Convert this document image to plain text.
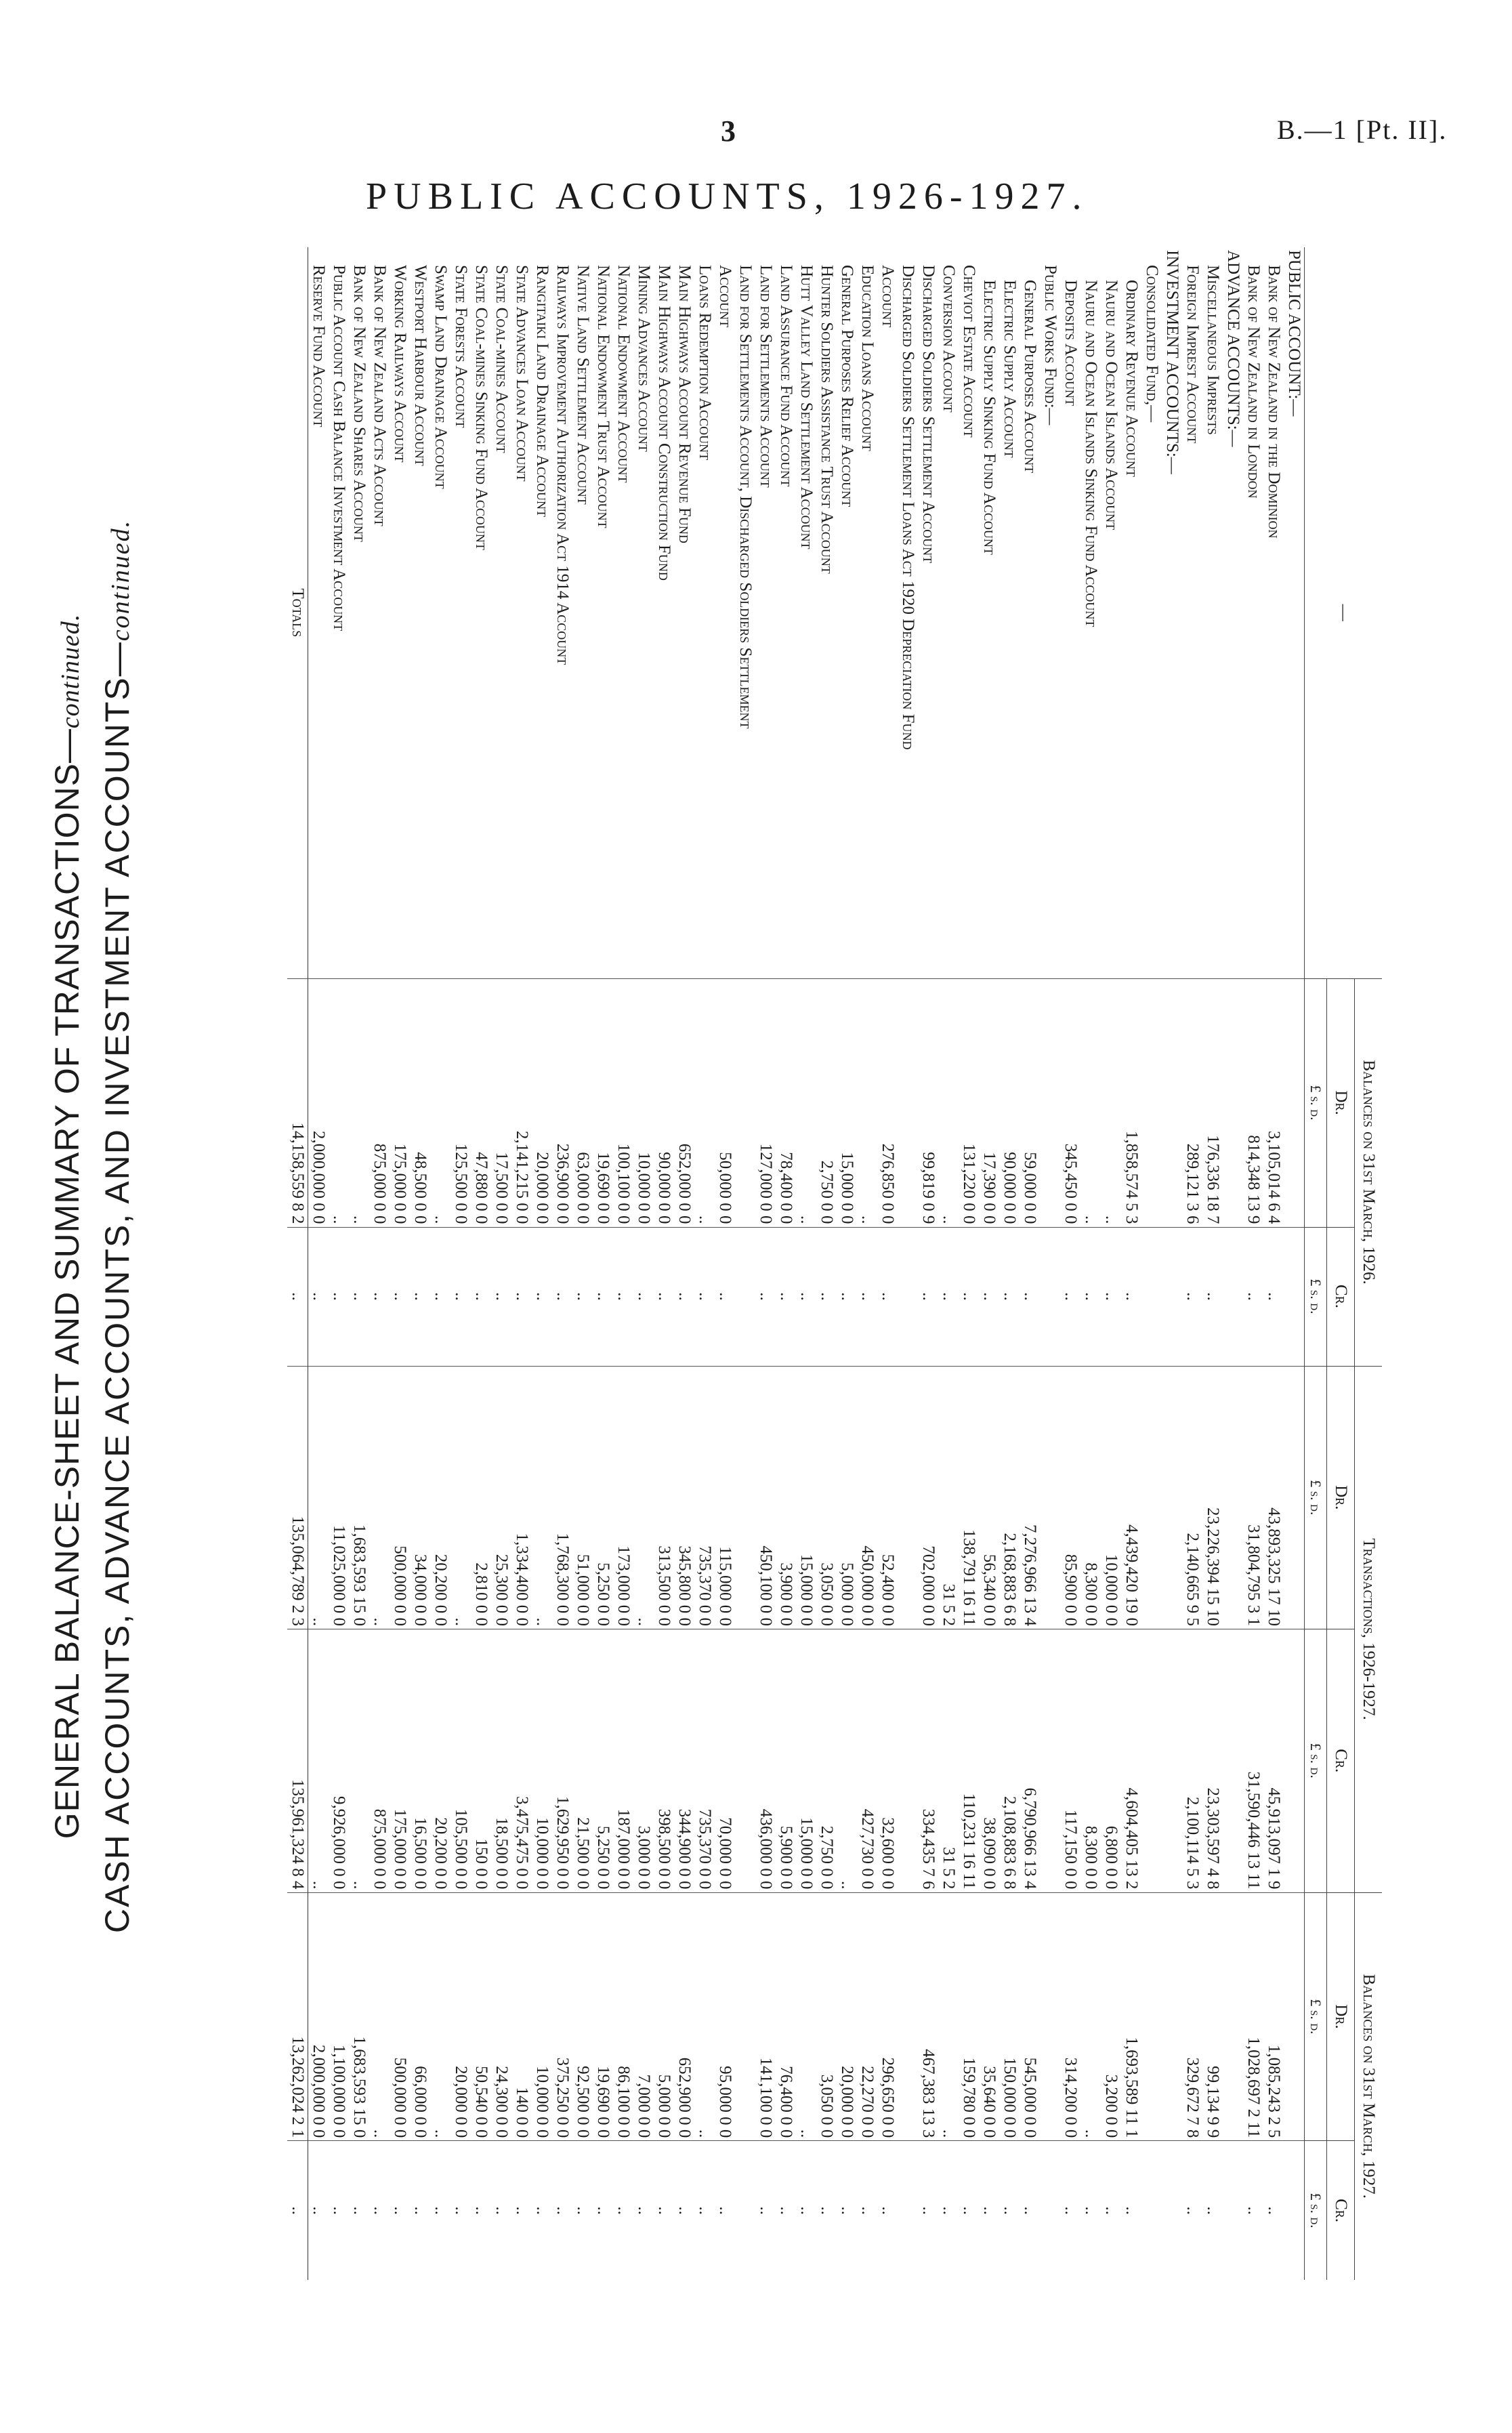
3	B.—1 [Pt. II].
PUBLIC ACCOUNTS, 1926-1927.
GENERAL BALANCE-SHEET AND SUMMARY OF TRANSACTIONS—continued. CASH ACCOUNTS, ADVANCE ACCOUNTS, AND INVESTMENT ACCOUNTS—continued.	—	Balances on 31st March, 1926.		Transactions, 1926-1927.		Balances on 31st March, 1927.	
	Dr.	Cr.	Dr.	Cr.	Dr.	Cr.
	£ s. d.	£ s. d.	£ s. d.	£ s. d.	£ s. d.	£ s. d.
PUBLIC ACCOUNT:—						
Bank of New Zealand in the Dominion	3,105,014 6 4	..	43,893,325 17 10	45,913,097 1 9	1,085,243 2 5	..
Bank of New Zealand in London	814,348 13 9	..	31,804,795 3 1	31,590,446 13 11	1,028,697 2 11	..
ADVANCE ACCOUNTS:—						
Miscellaneous Imprests	176,336 18 7	..	23,226,394 15 10	23,303,597 4 8	99,134 9 9	..
Foreign Imprest Account	289,121 3 6	..	2,140,665 9 5	2,100,114 5 3	329,672 7 8	..
INVESTMENT ACCOUNTS:—						
Consolidated Fund,—						
Ordinary Revenue Account	1,858,574 5 3	..	4,439,420 19 0	4,604,405 13 2	1,693,589 11 1	..
Nauru and Ocean Islands Account	..	..	10,000 0 0	6,800 0 0	3,200 0 0	..
Nauru and Ocean Islands Sinking Fund Account	..	..	8,300 0 0	8,300 0 0	..	..
Deposits Account	345,450 0 0	..	85,900 0 0	117,150 0 0	314,200 0 0	..
Public Works Fund:—						
General Purposes Account	59,000 0 0	..	7,276,966 13 4	6,790,966 13 4	545,000 0 0	..
Electric Supply Account	90,000 0 0	..	2,168,883 6 8	2,108,883 6 8	150,000 0 0	..
Electric Supply Sinking Fund Account	17,390 0 0	..	56,340 0 0	38,090 0 0	35,640 0 0	..
Cheviot Estate Account	131,220 0 0	..	138,791 16 11	110,231 16 11	159,780 0 0	..
Conversion Account	..	..	31 5 2	31 5 2	..	..
Discharged Soldiers Settlement Account	99,819 0 9	..	702,000 0 0	334,435 7 6	467,383 13 3	..
Discharged Soldiers Settlement Loans Act 1920 Depreciation Fund						
Account	276,850 0 0	..	52,400 0 0	32,600 0 0	296,650 0 0	..
Education Loans Account	..	..	450,000 0 0	427,730 0 0	22,270 0 0	..
General Purposes Relief Account	15,000 0 0	..	5,000 0 0	..	20,000 0 0	..
Hunter Soldiers Assistance Trust Account	2,750 0 0	..	3,050 0 0	2,750 0 0	3,050 0 0	..
Hutt Valley Land Settlement Account	..	..	15,000 0 0	15,000 0 0	..	..
Land Assurance Fund Account	78,400 0 0	..	3,900 0 0	5,900 0 0	76,400 0 0	..
Land for Settlements Account	127,000 0 0	..	450,100 0 0	436,000 0 0	141,100 0 0	..
Land for Settlements Account, Discharged Soldiers Settlement						
Account	50,000 0 0	..	115,000 0 0	70,000 0 0	95,000 0 0	..
Loans Redemption Account	..	..	735,370 0 0	735,370 0 0	..	..
Main Highways Account Revenue Fund	652,000 0 0	..	345,800 0 0	344,900 0 0	652,900 0 0	..
Main Highways Account Construction Fund	90,000 0 0	..	313,500 0 0	398,500 0 0	5,000 0 0	..
Mining Advances Account	10,000 0 0	..	..	3,000 0 0	7,000 0 0	..
National Endowment Account	100,100 0 0	..	173,000 0 0	187,000 0 0	86,100 0 0	..
National Endowment Trust Account	19,690 0 0	..	5,250 0 0	5,250 0 0	19,690 0 0	..
Native Land Settlement Account	63,000 0 0	..	51,000 0 0	21,500 0 0	92,500 0 0	..
Railways Improvement Authorization Act 1914 Account	236,900 0 0	..	1,768,300 0 0	1,629,950 0 0	375,250 0 0	..
Rangitaiki Land Drainage Account	20,000 0 0	..	..	10,000 0 0	10,000 0 0	..
State Advances Loan Account	2,141,215 0 0	..	1,334,400 0 0	3,475,475 0 0	140 0 0	..
State Coal-mines Account	17,500 0 0	..	25,300 0 0	18,500 0 0	24,300 0 0	..
State Coal-mines Sinking Fund Account	47,880 0 0	..	2,810 0 0	150 0 0	50,540 0 0	..
State Forests Account	125,500 0 0	..	..	105,500 0 0	20,000 0 0	..
Swamp Land Drainage Account	..	..	20,200 0 0	20,200 0 0	..	..
Westport Harbour Account	48,500 0 0	..	34,000 0 0	16,500 0 0	66,000 0 0	..
Working Railways Account	175,000 0 0	..	500,000 0 0	175,000 0 0	500,000 0 0	..
Bank of New Zealand Acts Account	875,000 0 0	..	..	875,000 0 0	..	..
Bank of New Zealand Shares Account	..	..	1,683,593 15 0	..	1,683,593 15 0	..
Public Account Cash Balance Investment Account	..	..	11,025,000 0 0	9,926,000 0 0	1,100,000 0 0	..
Reserve Fund Account	2,000,000 0 0	..	..	..	2,000,000 0 0	..
Totals	14,158,559 8 2	..	135,064,789 2 3	135,961,324 8 4	13,262,024 2 1	..
